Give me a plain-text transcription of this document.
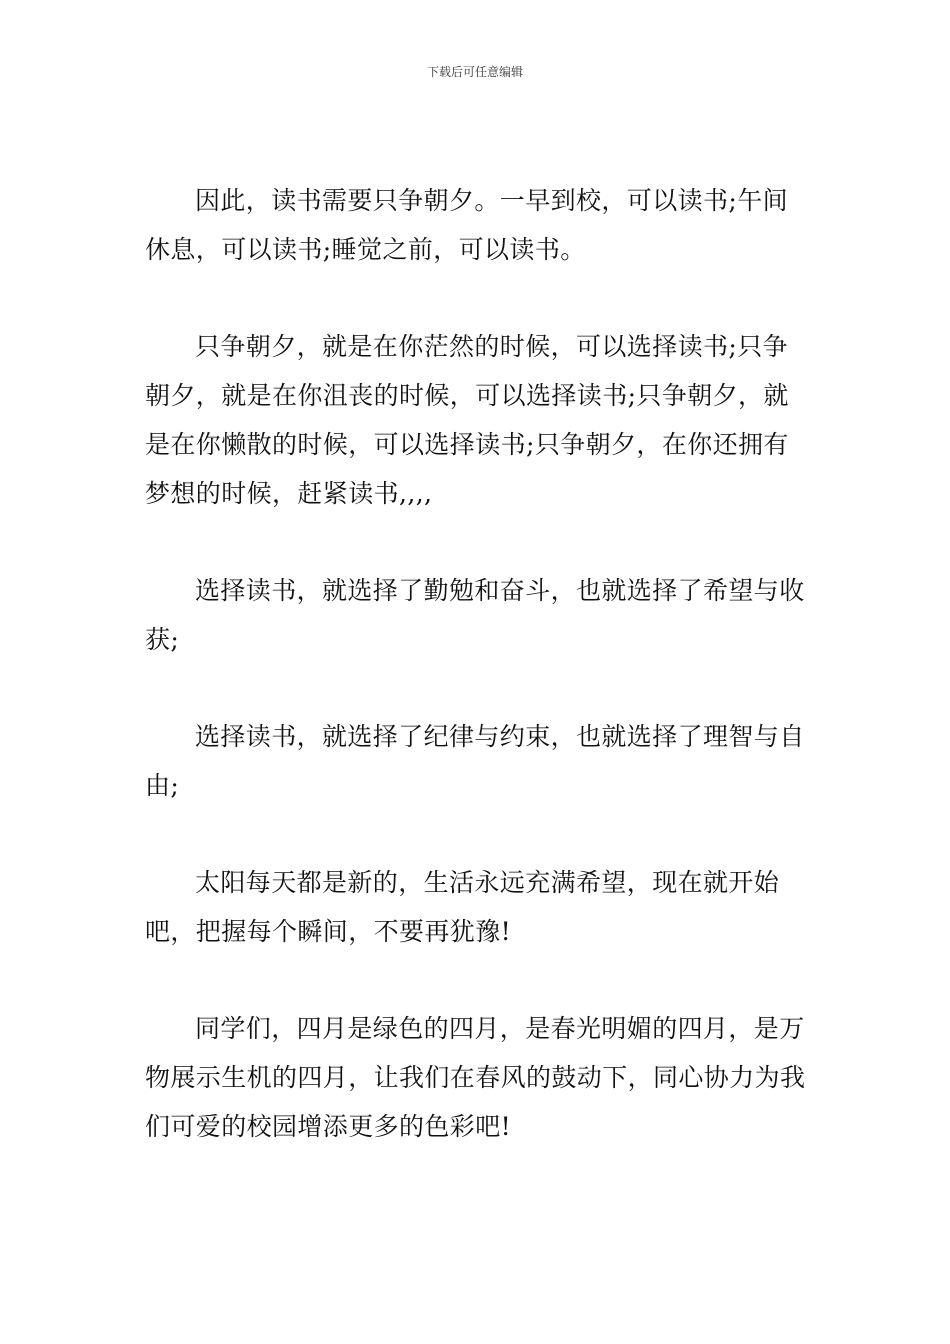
下载后可任意编辑

因此，读书需要只争朝夕。一早到校，可以读书;午间休息，可以读书;睡觉之前，可以读书。

只争朝夕，就是在你茫然的时候，可以选择读书;只争朝夕，就是在你沮丧的时候，可以选择读书;只争朝夕，就是在你懒散的时候，可以选择读书;只争朝夕，在你还拥有梦想的时候，赶紧读书,,,,

选择读书，就选择了勤勉和奋斗，也就选择了希望与收获;

选择读书，就选择了纪律与约束，也就选择了理智与自由;

太阳每天都是新的，生活永远充满希望，现在就开始吧，把握每个瞬间，不要再犹豫!

同学们，四月是绿色的四月，是春光明媚的四月，是万物展示生机的四月，让我们在春风的鼓动下，同心协力为我们可爱的校园增添更多的色彩吧!
